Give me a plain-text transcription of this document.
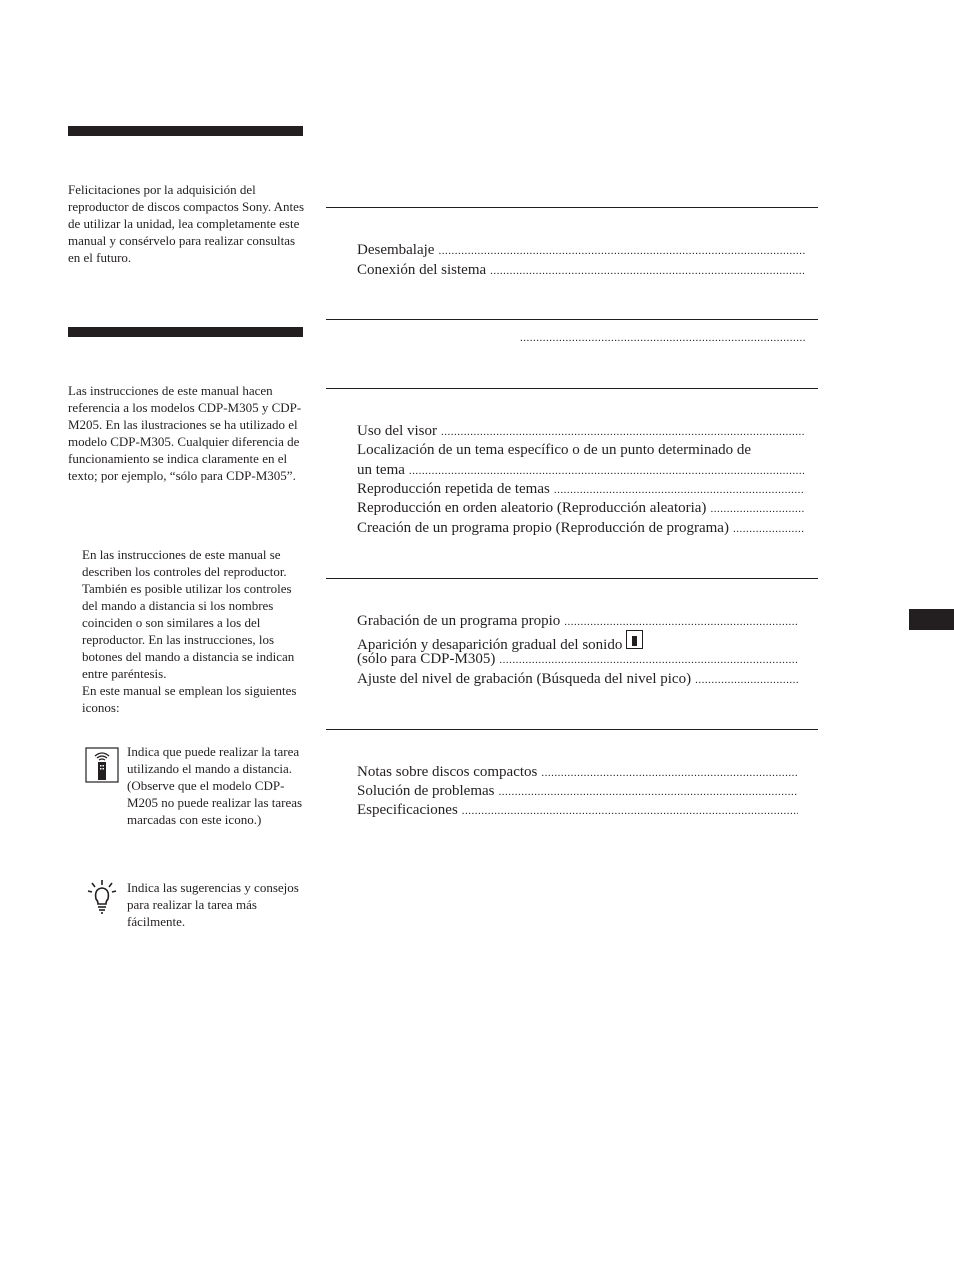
Felicitaciones por la adquisición del reproductor de discos compactos Sony. Antes de utilizar la unidad, lea completamente este manual y consérvelo para realizar consultas en el futuro.

Las instrucciones de este manual hacen referencia a los modelos CDP-M305 y CDP-M205. En las ilustraciones se ha utilizado el modelo CDP-M305. Cualquier diferencia de funcionamiento se indica claramente en el texto; por ejemplo, “sólo para CDP-M305”.

En las instrucciones de este manual se describen los controles del reproductor.

También es posible utilizar los controles del mando a distancia si los nombres coinciden o son similares a los del reproductor. En las instrucciones, los botones del mando a distancia se indican entre paréntesis.

En este manual se emplean los siguientes iconos:

Indica que puede realizar la tarea utilizando el mando a distancia.

(Observe que el modelo CDP-M205 no puede realizar las tareas marcadas con este icono.)

Indica las sugerencias y consejos para realizar la tarea más fácilmente.

Desembalaje
.....
Conexión del sistema
.....
.....
Uso del visor
.....
Localización de un tema específico o de un punto determinado de
un tema
.....
Reproducción repetida de temas
.....
Reproducción en orden aleatorio (Reproducción aleatoria)
.....
Creación de un programa propio (Reproducción de programa)
.....
Grabación de un programa propio
.....
Aparición y desaparición gradual del sonido
(sólo para CDP-M305)
.....
Ajuste del nivel de grabación (Búsqueda del nivel pico)
.....
Notas sobre discos compactos
.....
Solución de problemas
.....
Especificaciones
.....
